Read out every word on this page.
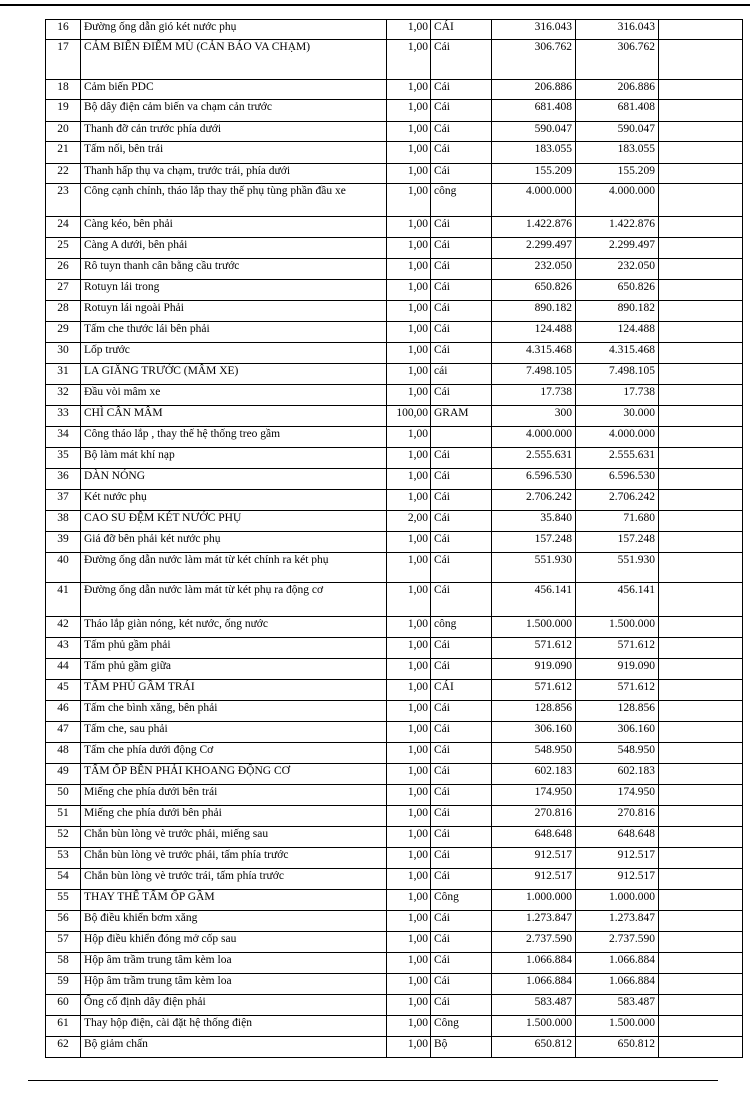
16	Đường ống dẫn gió két nước phụ	1,00	CÁI	316.043	316.043	
17	CẢM BIẾN ĐIỂM MÙ (CẢN BÁO VA CHẠM)	1,00	Cái	306.762	306.762	
18	Cảm biến PDC	1,00	Cái	206.886	206.886	
19	Bộ dây điện cảm biến va chạm cản trước	1,00	Cái	681.408	681.408	
20	Thanh đỡ cản trước phía dưới	1,00	Cái	590.047	590.047	
21	Tấm nối, bên trái	1,00	Cái	183.055	183.055	
22	Thanh hấp thụ va chạm, trước trái, phía dưới	1,00	Cái	155.209	155.209	
23	Công cạnh chỉnh, tháo lắp thay thế phụ tùng phần đầu xe	1,00	công	4.000.000	4.000.000	
24	Càng kéo, bên phải	1,00	Cái	1.422.876	1.422.876	
25	Càng A dưới, bên phải	1,00	Cái	2.299.497	2.299.497	
26	Rô tuyn thanh cân bằng cầu trước	1,00	Cái	232.050	232.050	
27	Rotuyn lái trong	1,00	Cái	650.826	650.826	
28	Rotuyn lái ngoài Phải	1,00	Cái	890.182	890.182	
29	Tấm che thước lái bên phải	1,00	Cái	124.488	124.488	
30	Lốp trước	1,00	Cái	4.315.468	4.315.468	
31	LA GIĂNG TRƯỚC (MÂM XE)	1,00	cái	7.498.105	7.498.105	
32	Đầu vòi mâm xe	1,00	Cái	17.738	17.738	
33	CHÌ CÂN MÂM	100,00	GRAM	300	30.000	
34	Công tháo lắp , thay thế hệ thống treo gầm	1,00		4.000.000	4.000.000	
35	Bộ làm mát khí nạp	1,00	Cái	2.555.631	2.555.631	
36	DÀN NÓNG	1,00	Cái	6.596.530	6.596.530	
37	Két nước phụ	1,00	Cái	2.706.242	2.706.242	
38	CAO SU ĐỆM KÉT NƯỚC PHỤ	2,00	Cái	35.840	71.680	
39	Giá đỡ bên phải két nước phụ	1,00	Cái	157.248	157.248	
40	Đường ống dẫn nước làm mát từ két chính ra két phụ	1,00	Cái	551.930	551.930	
41	Đường ống dẫn nước làm mát từ két phụ ra động cơ	1,00	Cái	456.141	456.141	
42	Tháo lắp giàn nóng, két nước, ống nước	1,00	công	1.500.000	1.500.000	
43	Tấm phủ gầm phải	1,00	Cái	571.612	571.612	
44	Tấm phủ gầm giữa	1,00	Cái	919.090	919.090	
45	TẤM PHỦ GẦM TRÁI	1,00	CÁI	571.612	571.612	
46	Tấm che bình xăng, bên phải	1,00	Cái	128.856	128.856	
47	Tấm che, sau phải	1,00	Cái	306.160	306.160	
48	Tấm che phía dưới động Cơ	1,00	Cái	548.950	548.950	
49	TẤM ỐP BÊN PHẢI KHOANG ĐỘNG CƠ	1,00	Cái	602.183	602.183	
50	Miếng che phía dưới bên trái	1,00	Cái	174.950	174.950	
51	Miếng che phía dưới bên phải	1,00	Cái	270.816	270.816	
52	Chắn bùn lòng vè trước phải, miếng sau	1,00	Cái	648.648	648.648	
53	Chắn bùn lòng vè trước phải, tấm phía trước	1,00	Cái	912.517	912.517	
54	Chắn bùn lòng vè trước trái, tấm phía trước	1,00	Cái	912.517	912.517	
55	THAY THẾ TẤM ỐP GẦM	1,00	Công	1.000.000	1.000.000	
56	Bộ điều khiển bơm xăng	1,00	Cái	1.273.847	1.273.847	
57	Hộp điều khiển đóng mở cốp sau	1,00	Cái	2.737.590	2.737.590	
58	Hộp âm trầm trung tâm kèm loa	1,00	Cái	1.066.884	1.066.884	
59	Hộp âm trầm trung tâm kèm loa	1,00	Cái	1.066.884	1.066.884	
60	Ống cố định dây điện phải	1,00	Cái	583.487	583.487	
61	Thay hộp điện, cài đặt hệ thống điện	1,00	Công	1.500.000	1.500.000	
62	Bộ giảm chấn	1,00	Bộ	650.812	650.812	
